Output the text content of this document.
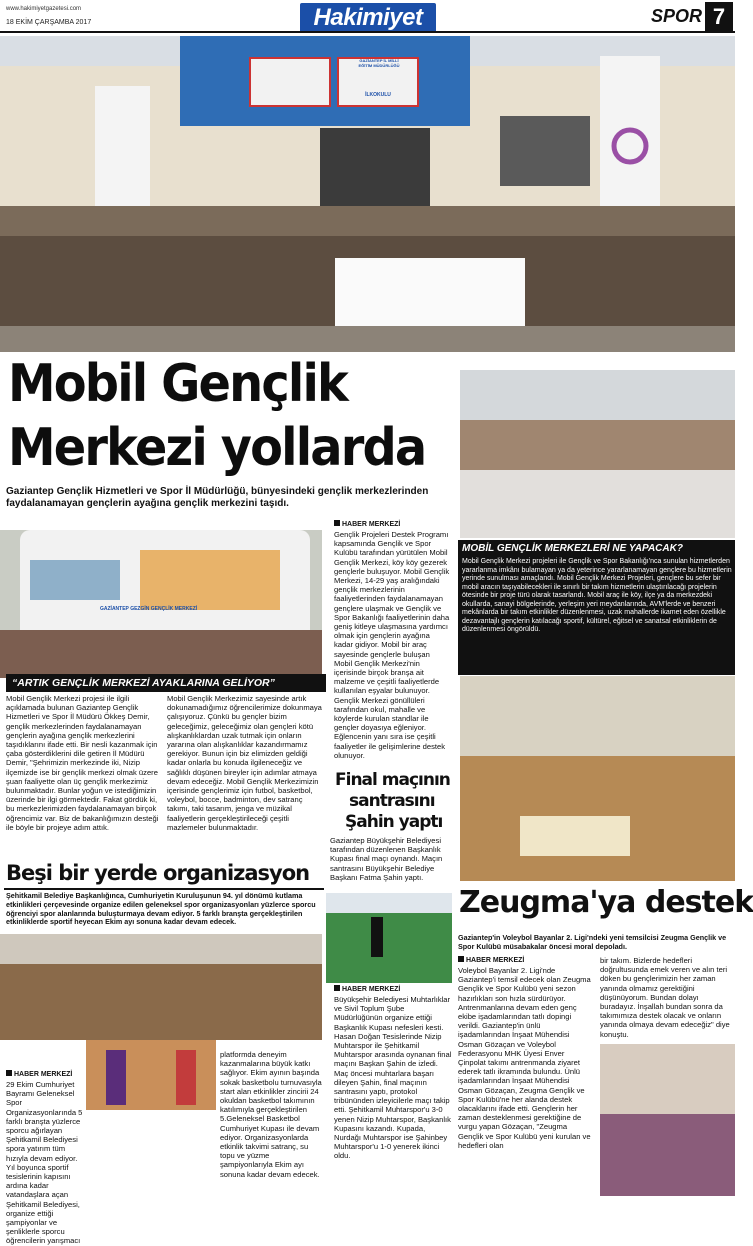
www.hakimiyetgazetesi.com
18 EKİM ÇARŞAMBA 2017	Hakimiyet	SPOR 7
GAZİANTEP İL MİLLİ EĞİTİM MÜDÜRLÜĞÜ
İLKOKULU
Mobil Gençlik
Merkezi yollarda
Gaziantep Gençlik Hizmetleri ve Spor İl Müdürlüğü, bünyesindeki gençlik merkezlerinden faydalanamayan gençlerin ayağına gençlik merkezini taşıdı.
GAZİANTEP GEZGİN GENÇLİK MERKEZİ
“ARTIK GENÇLİK MERKEZİ AYAKLARINA GELİYOR”
Mobil Gençlik Merkezi projesi ile ilgili açıklamada bulunan Gaziantep Gençlik Hizmetleri ve Spor İl Müdürü Ökkeş Demir, gençlik merkezlerinden faydalanamayan gençlerin ayağına gençlik merkezlerini taşıdıklarını ifade etti. Bir nesli kazanmak için çaba gösterdiklerini dile getiren İl Müdürü Demir, "Şehrimizin merkezinde iki, Nizip ilçemizde ise bir gençlik merkezi olmak üzere şuan faaliyette olan üç gençlik merkezimiz bulunmaktadır. Bunlar yoğun ve istediğimizin üzerinde bir ilgi görmektedir. Fakat gördük ki, bu merkezlerimizden faydalanamayan birçok öğrencimiz var. Biz de bakanlığımızın desteği ile böyle bir projeye adım attık.
Mobil Gençlik Merkezimiz sayesinde artık dokunamadığımız öğrencilerimize dokunmaya çalışıyoruz. Çünkü bu gençler bizim geleceğimiz, geleceğimiz olan gençleri kötü alışkanlıklardan uzak tutmak için onların yararına olan alışkanlıklar kazandırmamız gerekiyor. Bunun için biz elimizden geldiği kadar onlarla bu konuda ilgileneceğiz ve sağlıklı düşünen bireyler için adımlar atmaya devam edeceğiz. Mobil Gençlik Merkezimizin içerisinde gençlerimiz için futbol, basketbol, voleybol, bocce, badminton, dev satranç takımı, taki tasarım, jenga ve müzikal faaliyetlerin gerçekleştirileceği çeşitli mazlemeler bulunmaktadır.
HABER MERKEZİ
Gençlik Projeleri Destek Programı kapsamında Gençlik ve Spor Kulübü tarafından yürütülen Mobil Gençlik Merkezi, köy köy gezerek gençlerle buluşuyor. Mobil Gençlik Merkezi, 14-29 yaş aralığındaki gençlik merkezlerinin faaliyetlerinden faydalanamayan gençlere ulaşmak ve Gençlik ve Spor Bakanlığı faaliyetlerinin daha geniş kitleye ulaşmasına yardımcı olmak için gençlerin ayağına kadar gidiyor. Mobil bir araç sayesinde gençlerle buluşan Mobil Gençlik Merkezi'nin içerisinde birçok branşa ait malzeme ve çeşitli faaliyetlerde kullanılan eşyalar bulunuyor. Gençlik Merkezi gönüllüleri tarafından okul, mahalle ve köylerde kurulan standlar ile gençler doyasıya eğleniyor. Eğlencenin yanı sıra ise çeşitli faaliyetler ile gelişimlerine destek olunuyor.
MOBİL GENÇLİK MERKEZLERİ NE YAPACAK?
Mobil Gençlik Merkezi projeleri ile Gençlik ve Spor Bakanlığı'nca sunulan hizmetlerden yararlanma imkânı bulamayan ya da yeterince yararlanamayan gençlere bu hizmetlerin yerinde sunulması amaçlandı. Mobil Gençlik Merkezi Projeleri, gençlere bu sefer bir mobil aracın taşıyabilecekleri ile sınırlı bir takım hizmetlerin ulaştırılacağı projelerin ötesinde bir proje türü olarak tasarlandı. Mobil araç ile köy, ilçe ya da merkezdeki okullarda, sanayi bölgelerinde, yerleşim yeri meydanlarında, AVM'lerde ve benzeri mekânlarda bir takım etkinlikler düzenlenmesi, uzak mahallerde ikamet eden özellikle dezavantajlı gençlerin katılacağı sportif, kültürel, eğitsel ve sanatsal etkinliklerin de düzenlenmesi öngörüldü.
Final maçının
santrasını
Şahin yaptı
Gaziantep Büyükşehir Belediyesi tarafından düzenlenen Başkanlık Kupası final maçı oynandı. Maçın santrasını Büyükşehir Belediye Başkanı Fatma Şahin yaptı.
HABER MERKEZİ
Büyükşehir Belediyesi Muhtarlıklar ve Sivil Toplum Şube Müdürlüğünün organize ettiği Başkanlık Kupası nefesleri kesti. Hasan Doğan Tesislerinde Nizip Muhtarspor ile Şehitkamil Muhtarspor arasında oynanan final maçını Başkan Şahin de izledi. Maç öncesi muhtarlara başarı dileyen Şahin, final maçının santrasını yaptı, protokol tribününden izleyicilerle maçı takip etti. Şehitkamil Muhtarspor'u 3-0 yenen Nizip Muhtarspor, Başkanlık Kupasını kazandı. Kupada, Nurdağı Muhtarspor ise Şahinbey Muhtarspor'u 1-0 yenerek ikinci oldu.
Beşi bir yerde organizasyon
Şehitkamil Belediye Başkanlığınca, Cumhuriyetin Kuruluşunun 94. yıl dönümü kutlama etkinlikleri çerçevesinde organize edilen geleneksel spor organizasyonları yüzlerce sporcu öğrenciyi spor alanlarında buluşturmaya devam ediyor. 5 farklı branşta gerçekleştirilen etkinliklerde sportif heyecan Ekim ayı sonuna kadar devam edecek.
HABER MERKEZİ
29 Ekim Cumhuriyet Bayramı Geleneksel Spor Organizasyonlarında 5 farklı branşta yüzlerce sporcu ağırlayan Şehitkamil Belediyesi spora yatırım tüm hızıyla devam ediyor. Yıl boyunca sportif tesislerinin kapısını ardına kadar vatandaşlara açan Şehitkamil Belediyesi, organize ettiği şampiyonlar ve şenliklerle sporcu öğrencilerin yarışmacı
platformda deneyim kazanmalarına büyük katkı sağlıyor. Ekim ayının başında sokak basketbolu turnuvasıyla start alan etkinlikler zincirii 24 okuldan basketbol takımının katılımıyla gerçekleştirilen 5.Geleneksel Basketbol Cumhuriyet Kupası ile devam ediyor. Organizasyonlarda etkinlik takvimi satranç, su topu ve yüzme şampiyonlarıyla Ekim ayı sonuna kadar devam edecek.
Zeugma'ya destek
Gaziantep'in Voleybol Bayanlar 2. Ligi'ndeki yeni temsilcisi Zeugma Gençlik ve Spor Kulübü müsabakalar öncesi moral depoladı.
HABER MERKEZİ
Voleybol Bayanlar 2. Ligi'nde Gaziantep'i temsil edecek olan Zeugma Gençlik ve Spor Kulübü yeni sezon hazırlıkları son hızla sürdürüyor. Antrenmanlarına devam eden genç ekibe işadamlarından tatlı dopingi verildi. Gaziantep'in ünlü işadamlarından İnşaat Mühendisi Osman Gözaçan ve Voleybol Federasyonu MHK Üyesi Enver Çinpolat takımı antrenmanda ziyaret ederek tatlı ikramında bulundu. Ünlü işadamlarından İnşaat Mühendisi Osman Gözaçan, Zeugma Gençlik ve Spor Kulübü'ne her alanda destek olacaklarını ifade etti. Gençlerin her zaman desteklenmesi gerektiğine de vurgu yapan Gözaçan, "Zeugma Gençlik ve Spor Kulübü yeni kurulan ve hedefleri olan
bir takım. Bizlerde hedefleri doğrultusunda emek veren ve alın teri döken bu gençlerimizin her zaman yanında olmamız gerektiğini düşünüyorum. Bundan dolayı buradayız. İnşallah bundan sonra da takımımıza destek olacak ve onların yanında olmaya devam edeceğiz" diye konuştu.
